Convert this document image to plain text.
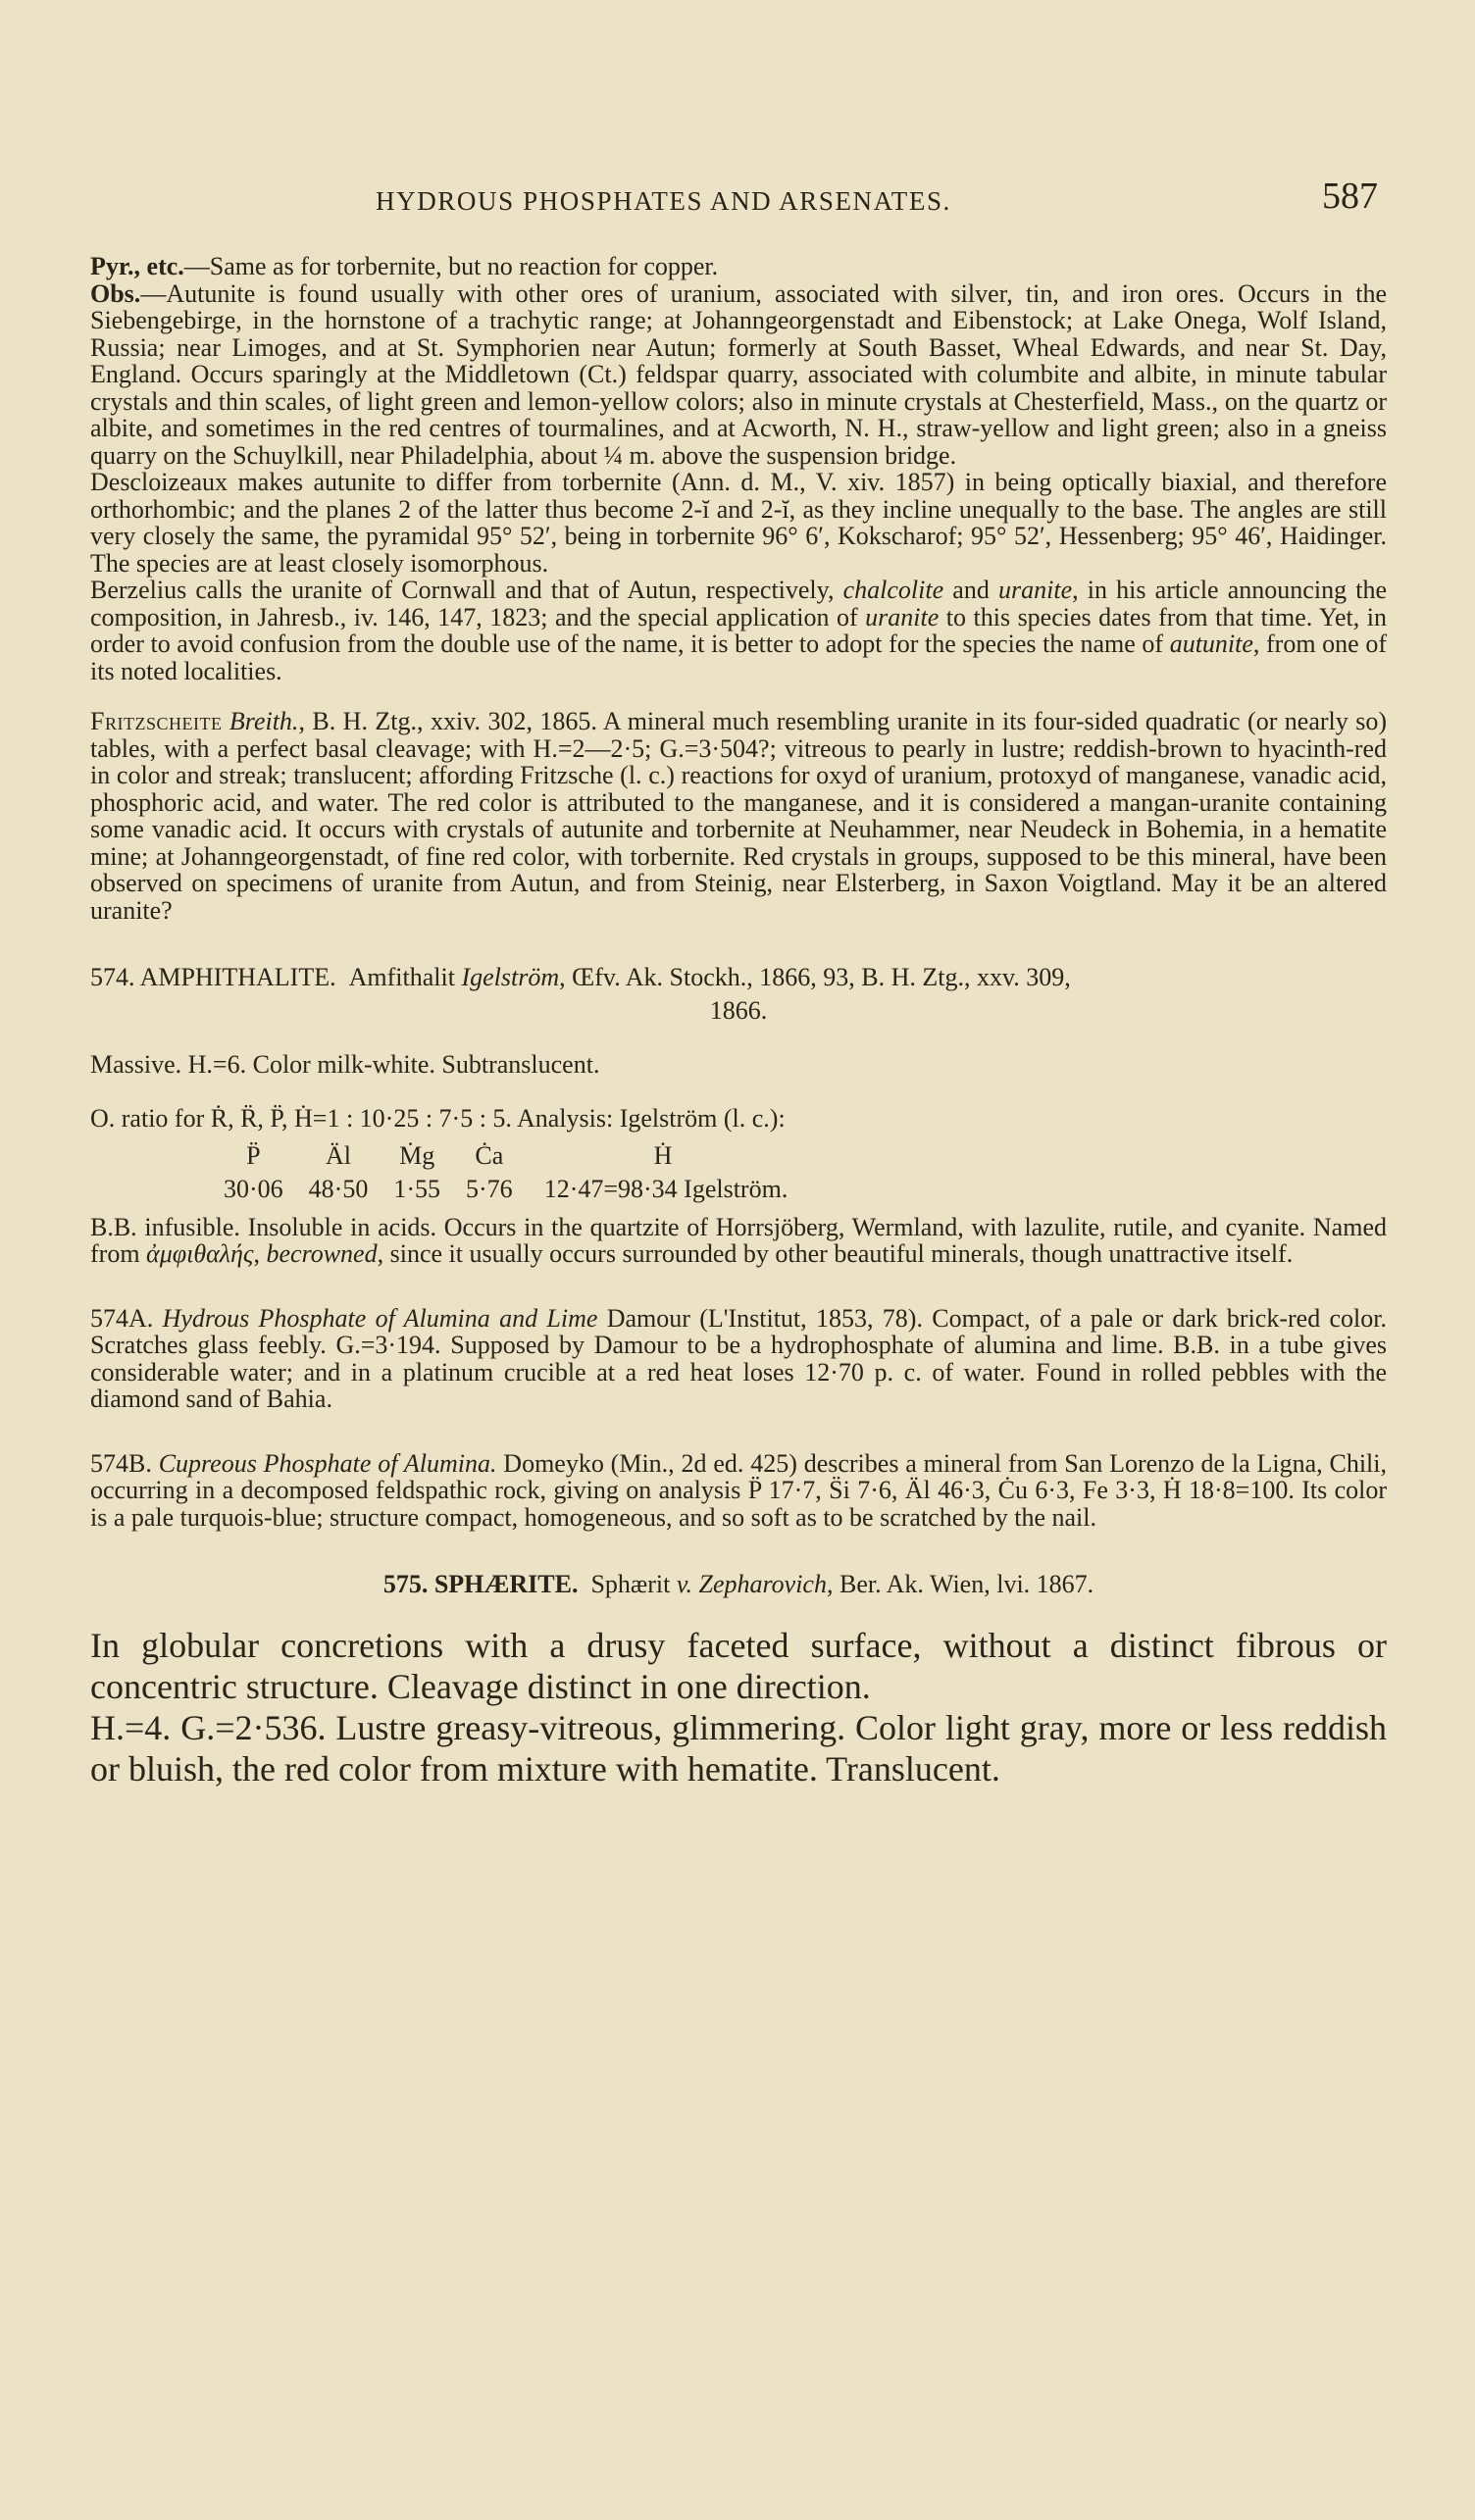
HYDROUS PHOSPHATES AND ARSENATES.	587

Pyr., etc.—Same as for torbernite, but no reaction for copper.

Obs.—Autunite is found usually with other ores of uranium, associated with silver, tin, and iron ores. Occurs in the Siebengebirge, in the hornstone of a trachytic range; at Johanngeorgenstadt and Eibenstock; at Lake Onega, Wolf Island, Russia; near Limoges, and at St. Symphorien near Autun; formerly at South Basset, Wheal Edwards, and near St. Day, England. Occurs sparingly at the Middletown (Ct.) feldspar quarry, associated with columbite and albite, in minute tabular crystals and thin scales, of light green and lemon-yellow colors; also in minute crystals at Chesterfield, Mass., on the quartz or albite, and sometimes in the red centres of tourmalines, and at Acworth, N. H., straw-yellow and light green; also in a gneiss quarry on the Schuylkill, near Philadelphia, about ¼ m. above the suspension bridge.

Descloizeaux makes autunite to differ from torbernite (Ann. d. M., V. xiv. 1857) in being optically biaxial, and therefore orthorhombic; and the planes 2 of the latter thus become 2-ĭ and 2-ĭ, as they incline unequally to the base. The angles are still very closely the same, the pyramidal 95° 52′, being in torbernite 96° 6′, Kokscharof; 95° 52′, Hessenberg; 95° 46′, Haidinger. The species are at least closely isomorphous.

Berzelius calls the uranite of Cornwall and that of Autun, respectively, chalcolite and uranite, in his article announcing the composition, in Jahresb., iv. 146, 147, 1823; and the special application of uranite to this species dates from that time. Yet, in order to avoid confusion from the double use of the name, it is better to adopt for the species the name of autunite, from one of its noted localities.

Fritzscheite Breith., B. H. Ztg., xxiv. 302, 1865. A mineral much resembling uranite in its four-sided quadratic (or nearly so) tables, with a perfect basal cleavage; with H.=2—2·5; G.=3·504?; vitreous to pearly in lustre; reddish-brown to hyacinth-red in color and streak; translucent; affording Fritzsche (l. c.) reactions for oxyd of uranium, protoxyd of manganese, vanadic acid, phosphoric acid, and water. The red color is attributed to the manganese, and it is considered a mangan-uranite containing some vanadic acid. It occurs with crystals of autunite and torbernite at Neuhammer, near Neudeck in Bohemia, in a hematite mine; at Johanngeorgenstadt, of fine red color, with torbernite. Red crystals in groups, supposed to be this mineral, have been observed on specimens of uranite from Autun, and from Steinig, near Elsterberg, in Saxon Voigtland. May it be an altered uranite?

574. AMPHITHALITE. Amfithalit Igelström, Œfv. Ak. Stockh., 1866, 93, B. H. Ztg., xxv. 309,
1866.

Massive. H.=6. Color milk-white. Subtranslucent.

O. ratio for Ṙ, R̈, P̈, Ḣ=1 : 10·25 : 7·5 : 5. Analysis: Igelström (l. c.):

P̈	Äl	Ṁg	Ċa	Ḣ
30·06	48·50	1·55	5·76	12·47=98·34 Igelström.

B.B. infusible. Insoluble in acids. Occurs in the quartzite of Horrsjöberg, Wermland, with lazulite, rutile, and cyanite. Named from ἀμφιθαλής, becrowned, since it usually occurs surrounded by other beautiful minerals, though unattractive itself.

574A. Hydrous Phosphate of Alumina and Lime Damour (L'Institut, 1853, 78). Compact, of a pale or dark brick-red color. Scratches glass feebly. G.=3·194. Supposed by Damour to be a hydrophosphate of alumina and lime. B.B. in a tube gives considerable water; and in a platinum crucible at a red heat loses 12·70 p. c. of water. Found in rolled pebbles with the diamond sand of Bahia.

574B. Cupreous Phosphate of Alumina. Domeyko (Min., 2d ed. 425) describes a mineral from San Lorenzo de la Ligna, Chili, occurring in a decomposed feldspathic rock, giving on analysis P̈ 17·7, S̈i 7·6, Äl 46·3, Ċu 6·3, Fe 3·3, Ḣ 18·8=100. Its color is a pale turquois-blue; structure compact, homogeneous, and so soft as to be scratched by the nail.

575. SPHÆRITE. Sphærit v. Zepharovich, Ber. Ak. Wien, lvi. 1867.

In globular concretions with a drusy faceted surface, without a distinct fibrous or concentric structure. Cleavage distinct in one direction.

H.=4. G.=2·536. Lustre greasy-vitreous, glimmering. Color light gray, more or less reddish or bluish, the red color from mixture with hematite. Translucent.
